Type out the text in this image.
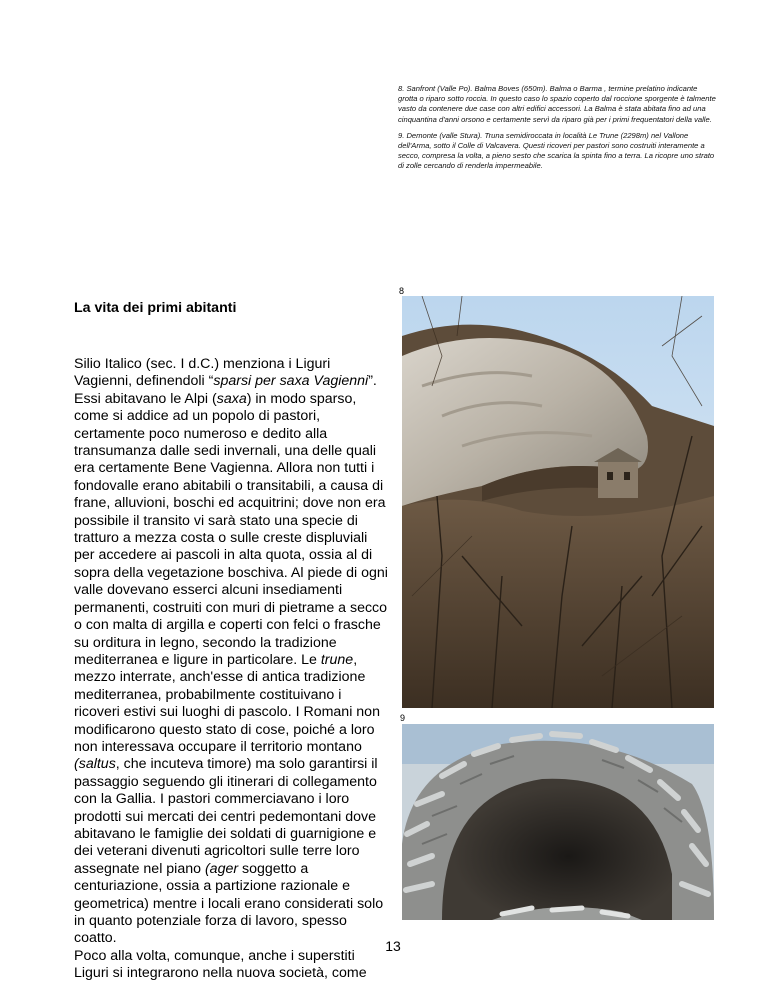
8. Sanfront (Valle Po). Balma Boves (650m). Balma o Barma , termine prelatino indicante grotta o riparo sotto roccia. In questo caso lo spazio coperto dal roccione sporgente è talmente vasto da contenere due case con altri edifici accessori. La Balma è stata abitata fino ad una cinquantina d'anni orsono e certamente servì da riparo già per i primi frequentatori della valle.

9. Demonte (valle Stura). Truna semidiroccata in località Le Trune (2298m) nel Vallone dell'Arma, sotto il Colle di Valcavera. Questi ricoveri per pastori sono costruiti interamente a secco, compresa la volta, a pieno sesto che scarica la spinta fino a terra. La ricopre uno strato di zolle cercando di renderla impermeabile.

La vita dei primi abitanti

Silio Italico (sec. I d.C.) menziona i Liguri Vagienni, definendoli “sparsi per saxa Vagienni”. Essi abitavano le Alpi (saxa) in modo sparso, come si addice ad un popolo di pastori, certamente poco numeroso e dedito alla transumanza dalle sedi invernali, una delle quali era certamente Bene Vagienna. Allora non tutti i fondovalle erano abitabili o transitabili, a causa di frane, alluvioni, boschi ed acquitrini; dove non era possibile il transito vi sarà stato una specie di tratturo a mezza costa o sulle creste displuviali per accedere ai pascoli in alta quota, ossia al di sopra della vegetazione boschiva. Al piede di ogni valle dovevano esserci alcuni insediamenti permanenti, costruiti con muri di pietrame a secco o con malta di argilla e coperti con felci o frasche su orditura in legno, secondo la tradizione mediterranea e ligure in particolare. Le trune, mezzo interrate, anch'esse di antica tradizione mediterranea, probabilmente costituivano i ricoveri estivi sui luoghi di pascolo. I Romani non modificarono questo stato di cose, poiché a loro non interessava occupare il territorio montano (saltus, che incuteva timore) ma solo garantirsi il passaggio seguendo gli itinerari di collegamento con la Gallia. I pastori commerciavano i loro prodotti sui mercati dei centri pedemontani dove abitavano le famiglie dei soldati di guarnigione e dei veterani divenuti agricoltori sulle terre loro assegnate nel piano (ager soggetto a centuriazione, ossia a partizione razionale e geometrica) mentre i locali erano considerati solo in quanto potenziale forza di lavoro, spesso coatto.
Poco alla volta, comunque, anche i superstiti Liguri si integrarono nella nuova società, come

8
9
13
